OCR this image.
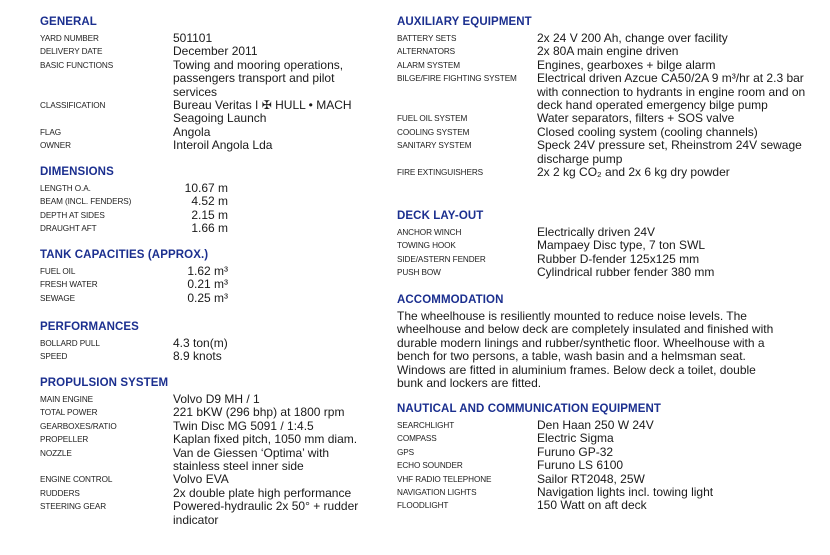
GENERAL
YARD NUMBER	501101
DELIVERY DATE	December 2011
BASIC FUNCTIONS	Towing and mooring operations, passengers transport and pilot services
CLASSIFICATION	Bureau Veritas I ✠ HULL • MACH Seagoing Launch
FLAG	Angola
OWNER	Interoil Angola Lda
DIMENSIONS
LENGTH O.A.	10.67 m
BEAM (INCL. FENDERS)	4.52 m
DEPTH AT SIDES	2.15 m
DRAUGHT AFT	1.66 m
TANK CAPACITIES (APPROX.)
FUEL OIL	1.62 m³
FRESH WATER	0.21 m³
SEWAGE	0.25 m³
PERFORMANCES
BOLLARD PULL	4.3 ton(m)
SPEED	8.9 knots
PROPULSION SYSTEM
MAIN ENGINE	Volvo D9 MH / 1
TOTAL POWER	221 bKW (296 bhp) at 1800 rpm
GEARBOXES/RATIO	Twin Disc MG 5091 / 1:4.5
PROPELLER	Kaplan fixed pitch, 1050 mm diam.
NOZZLE	Van de Giessen ‘Optima’ with stainless steel inner side
ENGINE CONTROL	Volvo EVA
RUDDERS	2x double plate high performance
STEERING GEAR	Powered-hydraulic 2x 50° + rudder indicator
AUXILIARY EQUIPMENT
BATTERY SETS	2x 24 V 200 Ah, change over facility
ALTERNATORS	2x 80A main engine driven
ALARM SYSTEM	Engines, gearboxes + bilge alarm
BILGE/FIRE FIGHTING SYSTEM	Electrical driven Azcue CA50/2A 9 m³/hr at 2.3 bar with connection to hydrants in engine room and on deck hand operated emergency bilge pump
FUEL OIL SYSTEM	Water separators, filters + SOS valve
COOLING SYSTEM	Closed cooling system (cooling channels)
SANITARY SYSTEM	Speck 24V pressure set, Rheinstrom 24V sewage discharge pump
FIRE EXTINGUISHERS	2x 2 kg CO₂ and 2x 6 kg dry powder
DECK LAY-OUT
ANCHOR WINCH	Electrically driven 24V
TOWING HOOK	Mampaey Disc type, 7 ton SWL
SIDE/ASTERN FENDER	Rubber D-fender 125x125 mm
PUSH BOW	Cylindrical rubber fender 380 mm
ACCOMMODATION
The wheelhouse is resiliently mounted to reduce noise levels. The wheelhouse and below deck are completely insulated and finished with durable modern linings and rubber/synthetic floor. Wheelhouse with a bench for two persons, a table, wash basin and a helmsman seat. Windows are fitted in aluminium frames. Below deck a toilet, double bunk and lockers are fitted.
NAUTICAL AND COMMUNICATION EQUIPMENT
SEARCHLIGHT	Den Haan 250 W 24V
COMPASS	Electric Sigma
GPS	Furuno GP-32
ECHO SOUNDER	Furuno LS 6100
VHF RADIO TELEPHONE	Sailor RT2048, 25W
NAVIGATION LIGHTS	Navigation lights incl. towing light
FLOODLIGHT	150 Watt on aft deck
